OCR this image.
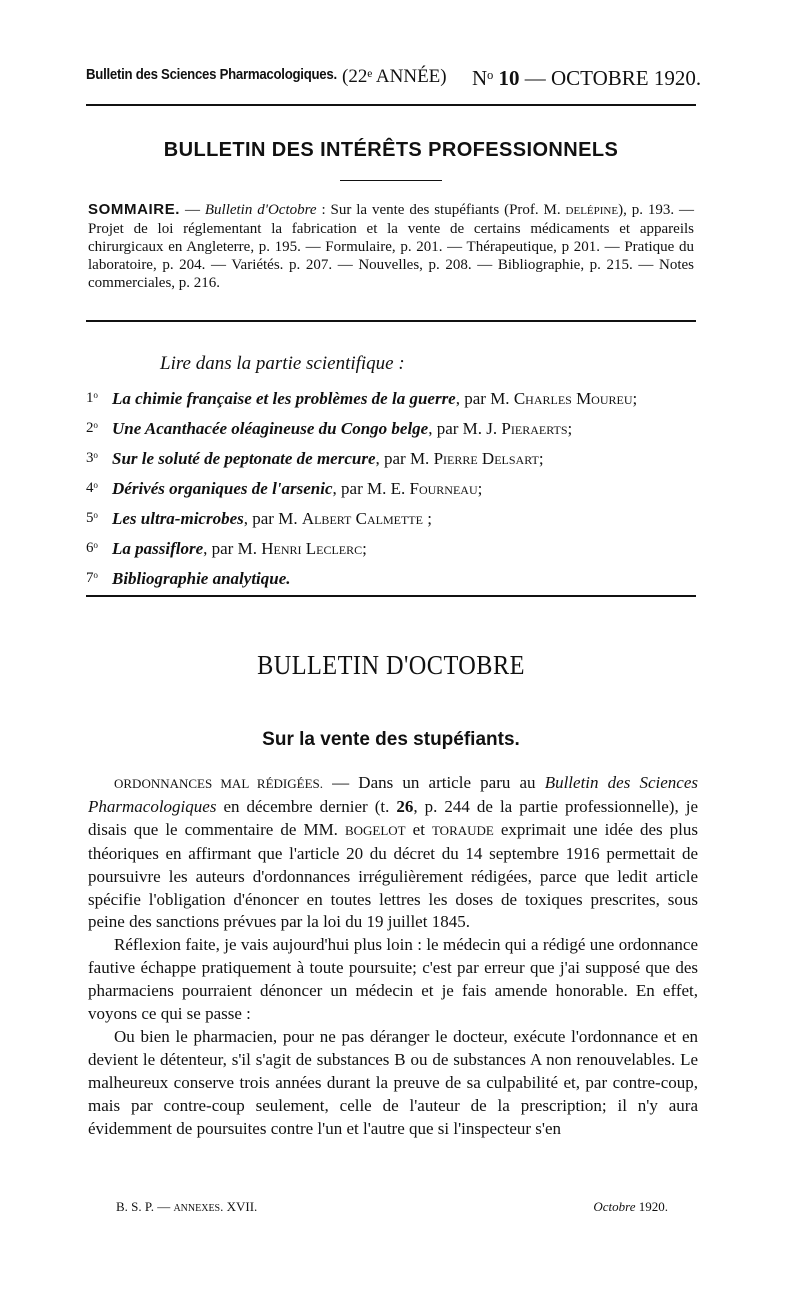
Bulletin des Sciences Pharmacologiques. (22ᵉ ANNÉE) Nᵒ 10 — OCTOBRE 1920.
BULLETIN DES INTÉRÊTS PROFESSIONNELS
SOMMAIRE. — Bulletin d'Octobre : Sur la vente des stupéfiants (Prof. M. DELÉPINE), p. 193. — Projet de loi réglementant la fabrication et la vente de certains médicaments et appareils chirurgicaux en Angleterre, p. 195. — Formulaire, p. 201. — Thérapeutique, p 201. — Pratique du laboratoire, p. 204. — Variétés. p. 207. — Nouvelles, p. 208. — Bibliographie, p. 215. — Notes commerciales, p. 216.
Lire dans la partie scientifique :
1ᵒ La chimie française et les problèmes de la guerre, par M. Charles Moureu;
2ᵒ Une Acanthacée oléagineuse du Congo belge, par M. J. Pieraerts;
3ᵒ Sur le soluté de peptonate de mercure, par M. Pierre Delsart;
4ᵒ Dérivés organiques de l'arsenic, par M. E. Fourneau;
5ᵒ Les ultra-microbes, par M. Albert Calmette ;
6ᵒ La passiflore, par M. Henri Leclerc;
7ᵒ Bibliographie analytique.
BULLETIN D'OCTOBRE
Sur la vente des stupéfiants.

ORDONNANCES MAL RÉDIGÉES. — Dans un article paru au Bulletin des Sciences Pharmacologiques en décembre dernier (t. 26, p. 244 de la partie professionnelle), je disais que le commentaire de MM. BOGELOT et TORAUDE exprimait une idée des plus théoriques en affirmant que l'article 20 du décret du 14 septembre 1916 permettait de poursuivre les auteurs d'ordonnances irrégulièrement rédigées, parce que ledit article spécifie l'obligation d'énoncer en toutes lettres les doses de toxiques prescrites, sous peine des sanctions prévues par la loi du 19 juillet 1845.

Réflexion faite, je vais aujourd'hui plus loin : le médecin qui a rédigé une ordonnance fautive échappe pratiquement à toute poursuite; c'est par erreur que j'ai supposé que des pharmaciens pourraient dénoncer un médecin et je fais amende honorable. En effet, voyons ce qui se passe :

Ou bien le pharmacien, pour ne pas déranger le docteur, exécute l'ordonnance et en devient le détenteur, s'il s'agit de substances B ou de substances A non renouvelables. Le malheureux conserve trois années durant la preuve de sa culpabilité et, par contre-coup, mais par contre-coup seulement, celle de l'auteur de la prescription; il n'y aura évidemment de poursuites contre l'un et l'autre que si l'inspecteur s'en

B. S. P. — ANNEXES. XVII.	Octobre 1920.
